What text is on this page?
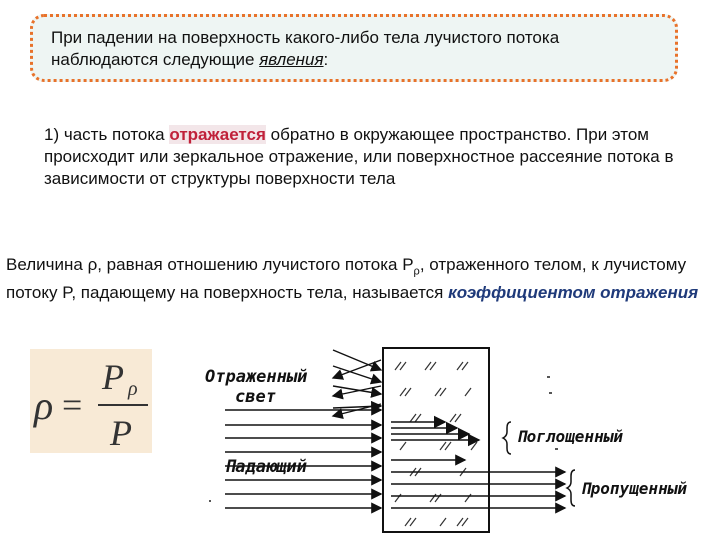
При падении на поверхность какого-либо тела лучистого потока наблюдаются следующие явления:
1) часть потока отражается обратно в окружающее пространство. При этом происходит или зеркальное отражение, или поверхностное рассеяние потока в зависимости от структуры поверхности тела
Величина ρ, равная отношению лучистого потока $P_\rho$, отраженного телом, к лучистому потоку P, падающему на поверхность тела, называется коэффициентом отражения
ρ =
P ρ
P
Отраженный
свет
Падающий
Поглощенный
Пропущенный
